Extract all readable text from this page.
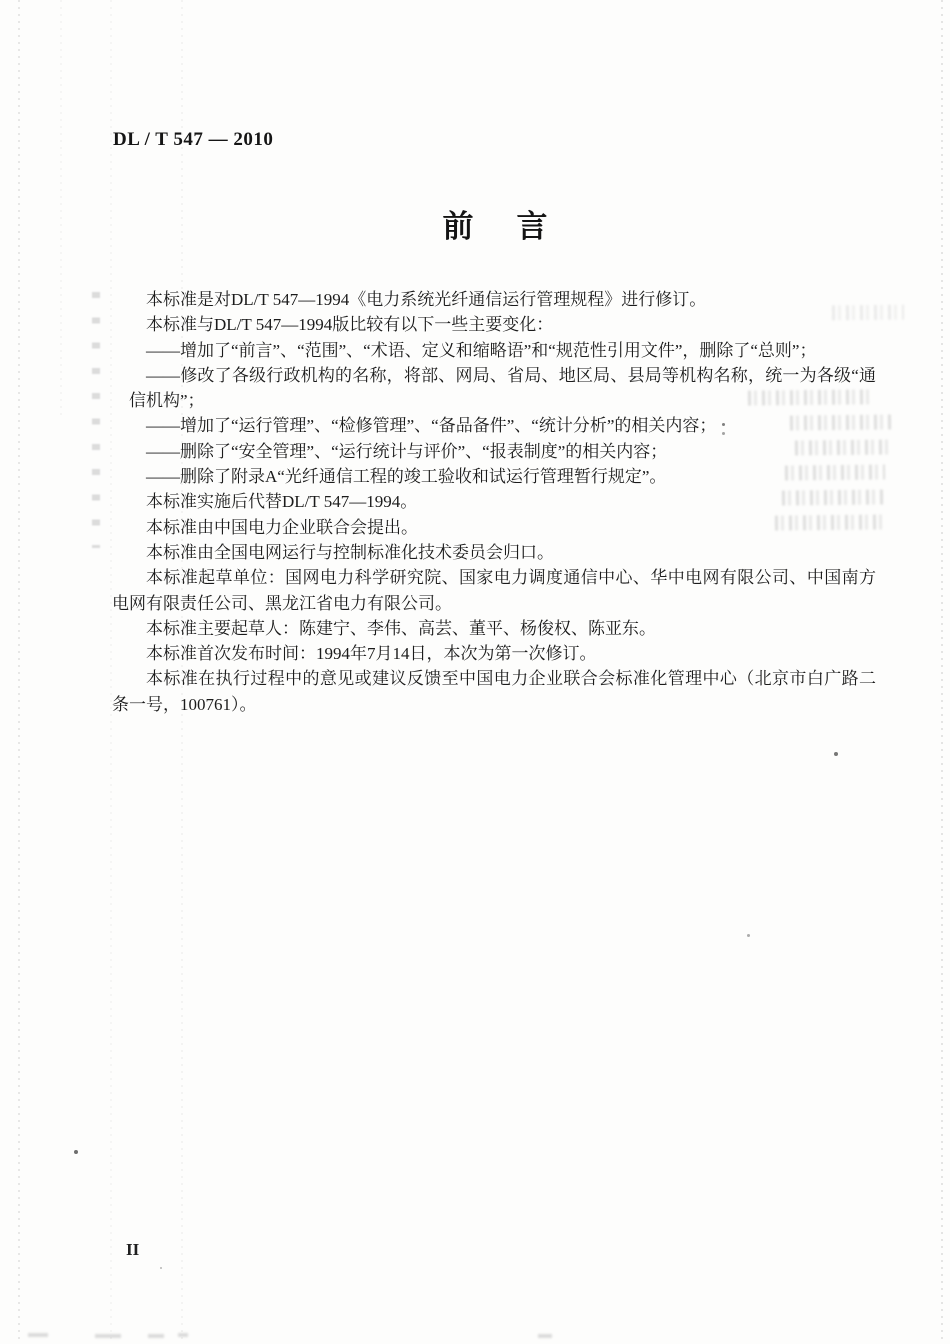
DL / T 547 — 2010
前　言

本标准是对DL/T 547—1994《电力系统光纤通信运行管理规程》进行修订。

本标准与DL/T 547—1994版比较有以下一些主要变化：

——增加了“前言”、“范围”、“术语、定义和缩略语”和“规范性引用文件”，删除了“总则”；

——修改了各级行政机构的名称，将部、网局、省局、地区局、县局等机构名称，统一为各级“通信机构”；

——增加了“运行管理”、“检修管理”、“备品备件”、“统计分析”的相关内容；

——删除了“安全管理”、“运行统计与评价”、“报表制度”的相关内容；

——删除了附录A“光纤通信工程的竣工验收和试运行管理暂行规定”。

本标准实施后代替DL/T 547—1994。

本标准由中国电力企业联合会提出。

本标准由全国电网运行与控制标准化技术委员会归口。

本标准起草单位：国网电力科学研究院、国家电力调度通信中心、华中电网有限公司、中国南方电网有限责任公司、黑龙江省电力有限公司。

本标准主要起草人：陈建宁、李伟、高芸、董平、杨俊权、陈亚东。

本标准首次发布时间：1994年7月14日，本次为第一次修订。

本标准在执行过程中的意见或建议反馈至中国电力企业联合会标准化管理中心（北京市白广路二条一号，100761）。

II
